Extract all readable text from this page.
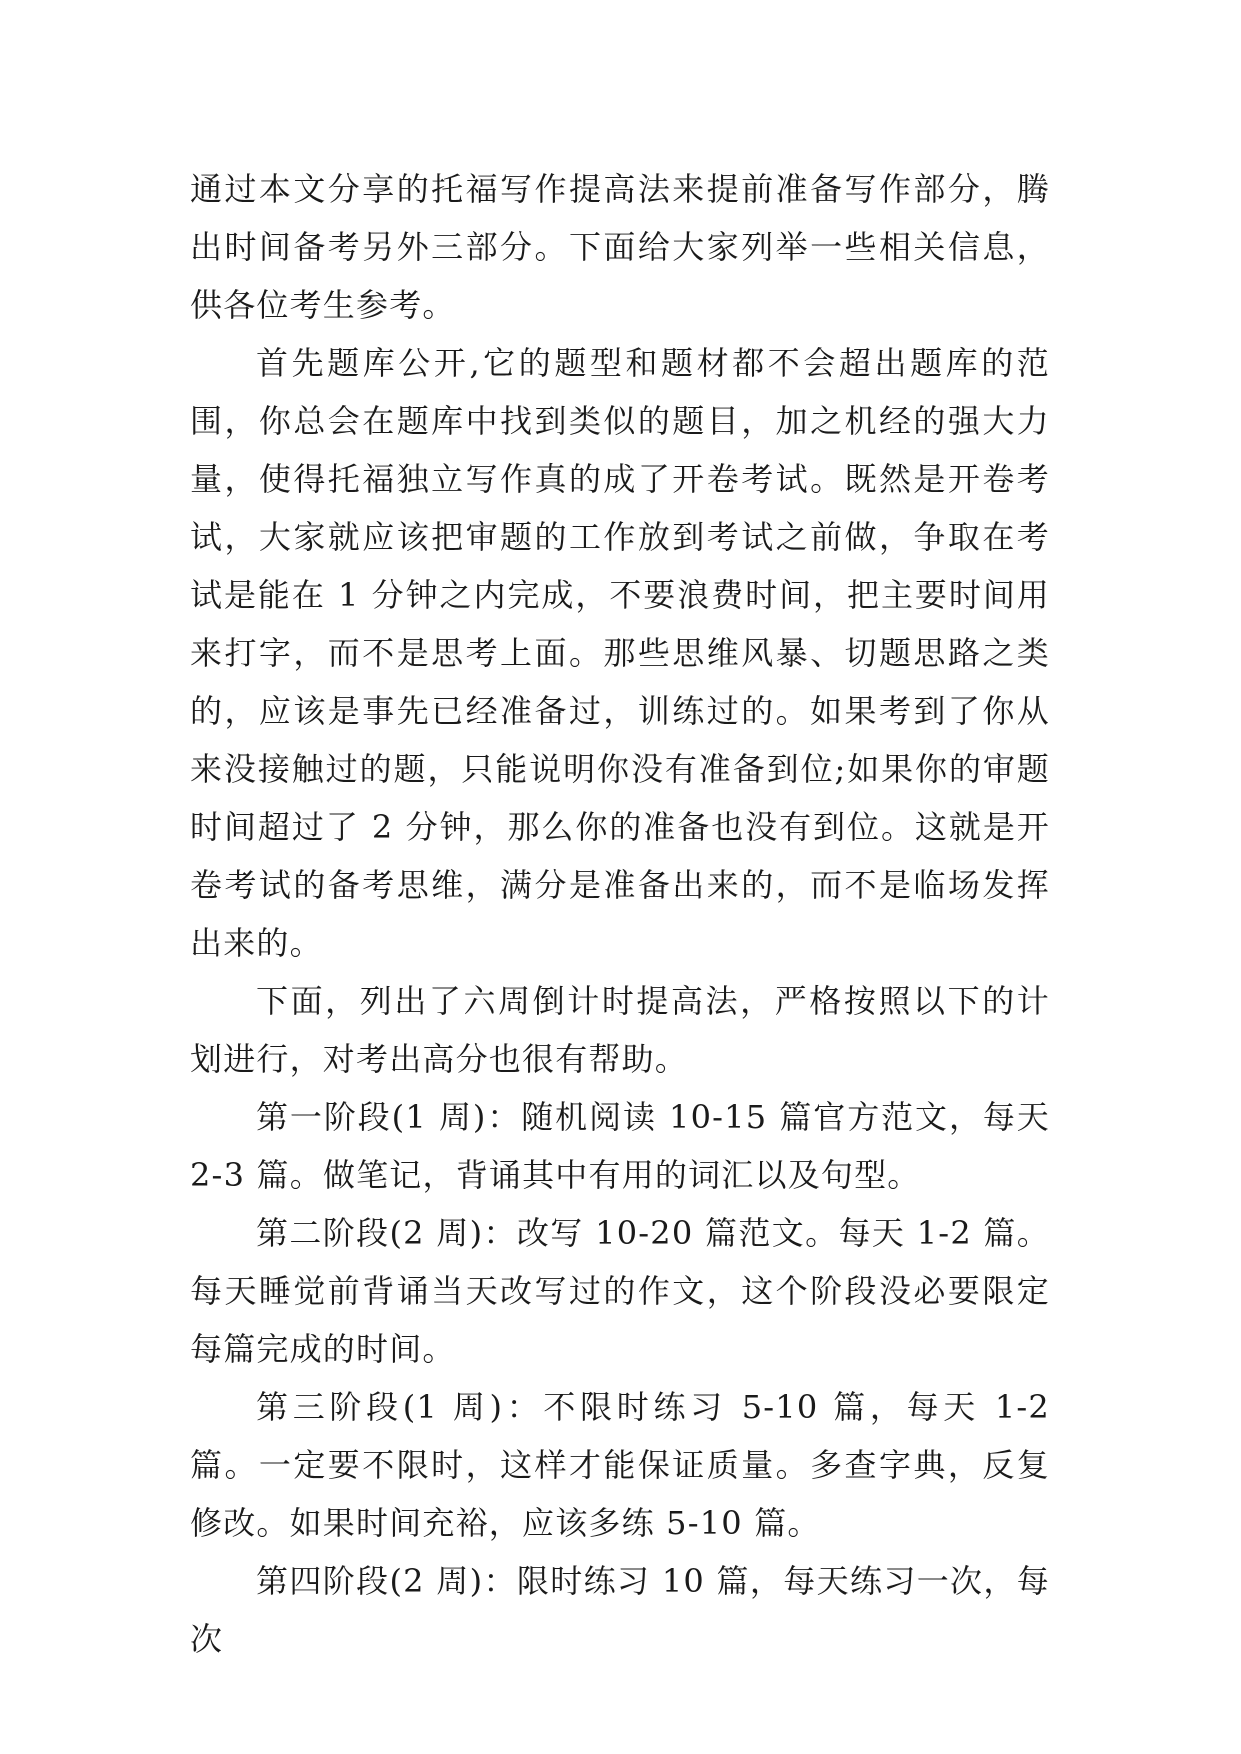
通过本文分享的托福写作提高法来提前准备写作部分，腾出时间备考另外三部分。下面给大家列举一些相关信息，供各位考生参考。

首先题库公开,它的题型和题材都不会超出题库的范围，你总会在题库中找到类似的题目，加之机经的强大力量，使得托福独立写作真的成了开卷考试。既然是开卷考试，大家就应该把审题的工作放到考试之前做，争取在考试是能在 1 分钟之内完成，不要浪费时间，把主要时间用来打字，而不是思考上面。那些思维风暴、切题思路之类的，应该是事先已经准备过，训练过的。如果考到了你从来没接触过的题，只能说明你没有准备到位;如果你的审题时间超过了 2 分钟，那么你的准备也没有到位。这就是开卷考试的备考思维，满分是准备出来的，而不是临场发挥出来的。

下面，列出了六周倒计时提高法，严格按照以下的计划进行，对考出高分也很有帮助。

第一阶段(1 周)：随机阅读 10-15 篇官方范文，每天 2-3 篇。做笔记，背诵其中有用的词汇以及句型。

第二阶段(2 周)：改写 10-20 篇范文。每天 1-2 篇。每天睡觉前背诵当天改写过的作文，这个阶段没必要限定每篇完成的时间。

第三阶段(1 周)：不限时练习 5-10 篇，每天 1-2 篇。一定要不限时，这样才能保证质量。多查字典，反复修改。如果时间充裕，应该多练 5-10 篇。

第四阶段(2 周)：限时练习 10 篇，每天练习一次，每次
